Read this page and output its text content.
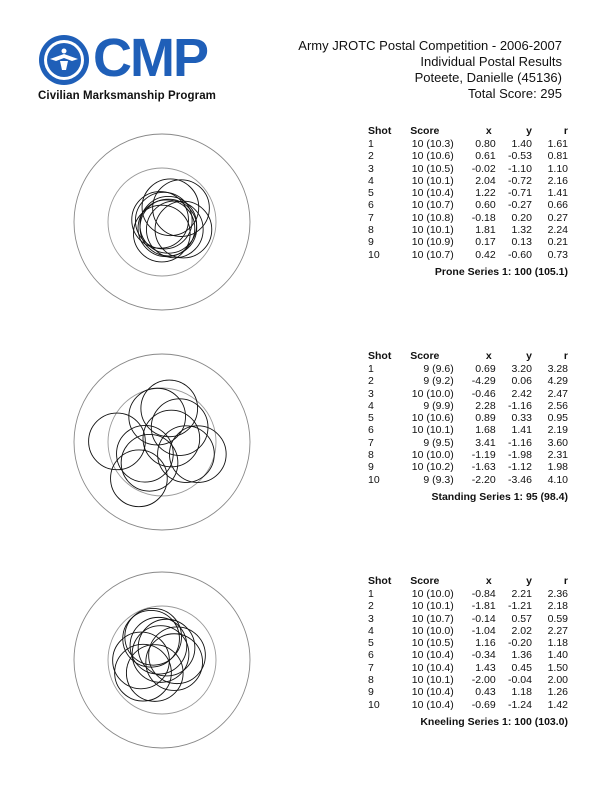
CMP
Civilian Marksmanship Program
Army JROTC Postal Competition - 2006-2007
Individual Postal Results
Poteete, Danielle (45136)
Total Score: 295
Shot	Score	x	y	r
1	10 (10.3)	0.80	1.40	1.61
2	10 (10.6)	0.61	-0.53	0.81
3	10 (10.5)	-0.02	-1.10	1.10
4	10 (10.1)	2.04	-0.72	2.16
5	10 (10.4)	1.22	-0.71	1.41
6	10 (10.7)	0.60	-0.27	0.66
7	10 (10.8)	-0.18	0.20	0.27
8	10 (10.1)	1.81	1.32	2.24
9	10 (10.9)	0.17	0.13	0.21
10	10 (10.7)	0.42	-0.60	0.73
Prone Series 1: 100 (105.1)
Shot	Score	x	y	r
1	9 (9.6)	0.69	3.20	3.28
2	9 (9.2)	-4.29	0.06	4.29
3	10 (10.0)	-0.46	2.42	2.47
4	9 (9.9)	2.28	-1.16	2.56
5	10 (10.6)	0.89	0.33	0.95
6	10 (10.1)	1.68	1.41	2.19
7	9 (9.5)	3.41	-1.16	3.60
8	10 (10.0)	-1.19	-1.98	2.31
9	10 (10.2)	-1.63	-1.12	1.98
10	9 (9.3)	-2.20	-3.46	4.10
Standing Series 1: 95 (98.4)
Shot	Score	x	y	r
1	10 (10.0)	-0.84	2.21	2.36
2	10 (10.1)	-1.81	-1.21	2.18
3	10 (10.7)	-0.14	0.57	0.59
4	10 (10.0)	-1.04	2.02	2.27
5	10 (10.5)	1.16	-0.20	1.18
6	10 (10.4)	-0.34	1.36	1.40
7	10 (10.4)	1.43	0.45	1.50
8	10 (10.1)	-2.00	-0.04	2.00
9	10 (10.4)	0.43	1.18	1.26
10	10 (10.4)	-0.69	-1.24	1.42
Kneeling Series 1: 100 (103.0)
